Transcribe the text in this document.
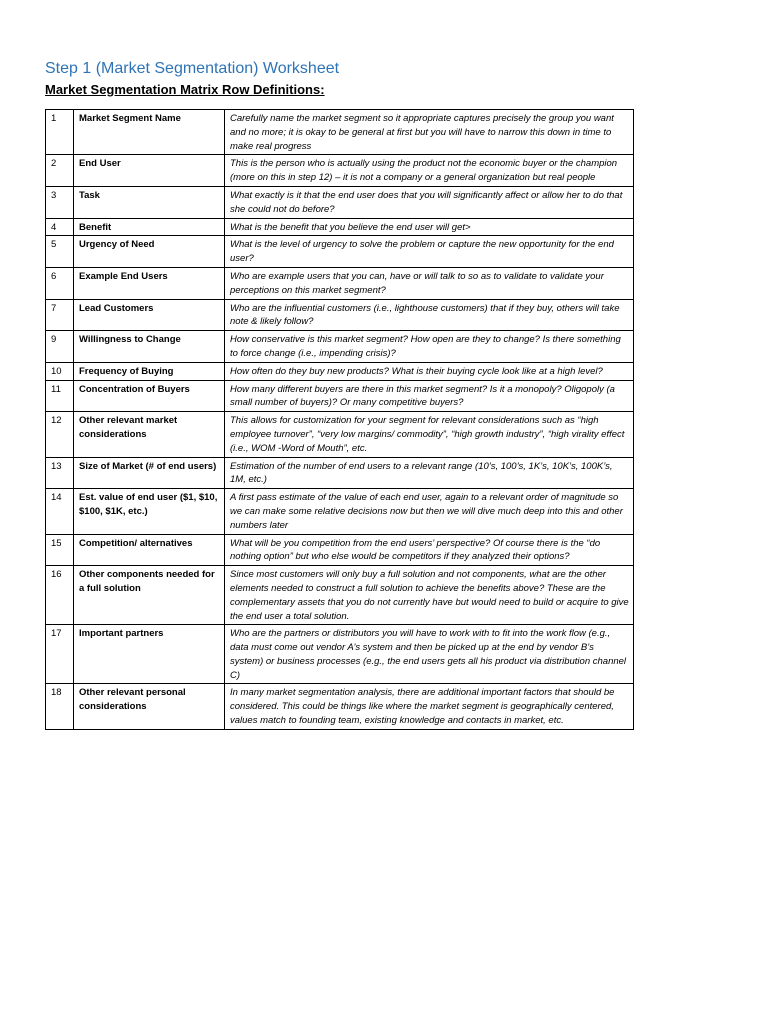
Step 1 (Market Segmentation) Worksheet
Market Segmentation Matrix Row Definitions:
1	Market Segment Name	Carefully name the market segment so it appropriate captures precisely the group you want and no more; it is okay to be general at first but you will have to narrow this down in time to make real progress
2	End User	This is the person who is actually using the product not the economic buyer or the champion (more on this in step 12) – it is not a company or a general organization but real people
3	Task	What exactly is it that the end user does that you will significantly affect or allow her to do that she could not do before?
4	Benefit	What is the benefit that you believe the end user will get>
5	Urgency of Need	What is the level of urgency to solve the problem or capture the new opportunity for the end user?
6	Example End Users	Who are example users that you can, have or will talk to so as to validate to validate your perceptions on this market segment?
7	Lead Customers	Who are the influential customers (i.e., lighthouse customers) that if they buy, others will take note & likely follow?
9	Willingness to Change	How conservative is this market segment? How open are they to change? Is there something to force change (i.e., impending crisis)?
10	Frequency of Buying	How often do they buy new products? What is their buying cycle look like at a high level?
11	Concentration of Buyers	How many different buyers are there in this market segment? Is it a monopoly? Oligopoly (a small number of buyers)? Or many competitive buyers?
12	Other relevant market considerations	This allows for customization for your segment for relevant considerations such as “high employee turnover”, “very low margins/ commodity”, “high growth industry”, “high virality effect (i.e., WOM -Word of Mouth”, etc.
13	Size of Market (# of end users)	Estimation of the number of end users to a relevant range (10’s, 100’s, 1K’s, 10K’s, 100K’s, 1M, etc.)
14	Est. value of end user ($1, $10, $100, $1K, etc.)	A first pass estimate of the value of each end user, again to a relevant order of magnitude so we can make some relative decisions now but then we will dive much deep into this and other numbers later
15	Competition/ alternatives	What will be you competition from the end users’ perspective? Of course there is the “do nothing option” but who else would be competitors if they analyzed their options?
16	Other components needed for a full solution	Since most customers will only buy a full solution and not components, what are the other elements needed to construct a full solution to achieve the benefits above? These are the complementary assets that you do not currently have but would need to build or acquire to give the end user a total solution.
17	Important partners	Who are the partners or distributors you will have to work with to fit into the work flow (e.g., data must come out vendor A’s system and then be picked up at the end by vendor B’s system) or business processes (e.g., the end users gets all his product via distribution channel C)
18	Other relevant personal considerations	In many market segmentation analysis, there are additional important factors that should be considered. This could be things like where the market segment is geographically centered, values match to founding team, existing knowledge and contacts in market, etc.
